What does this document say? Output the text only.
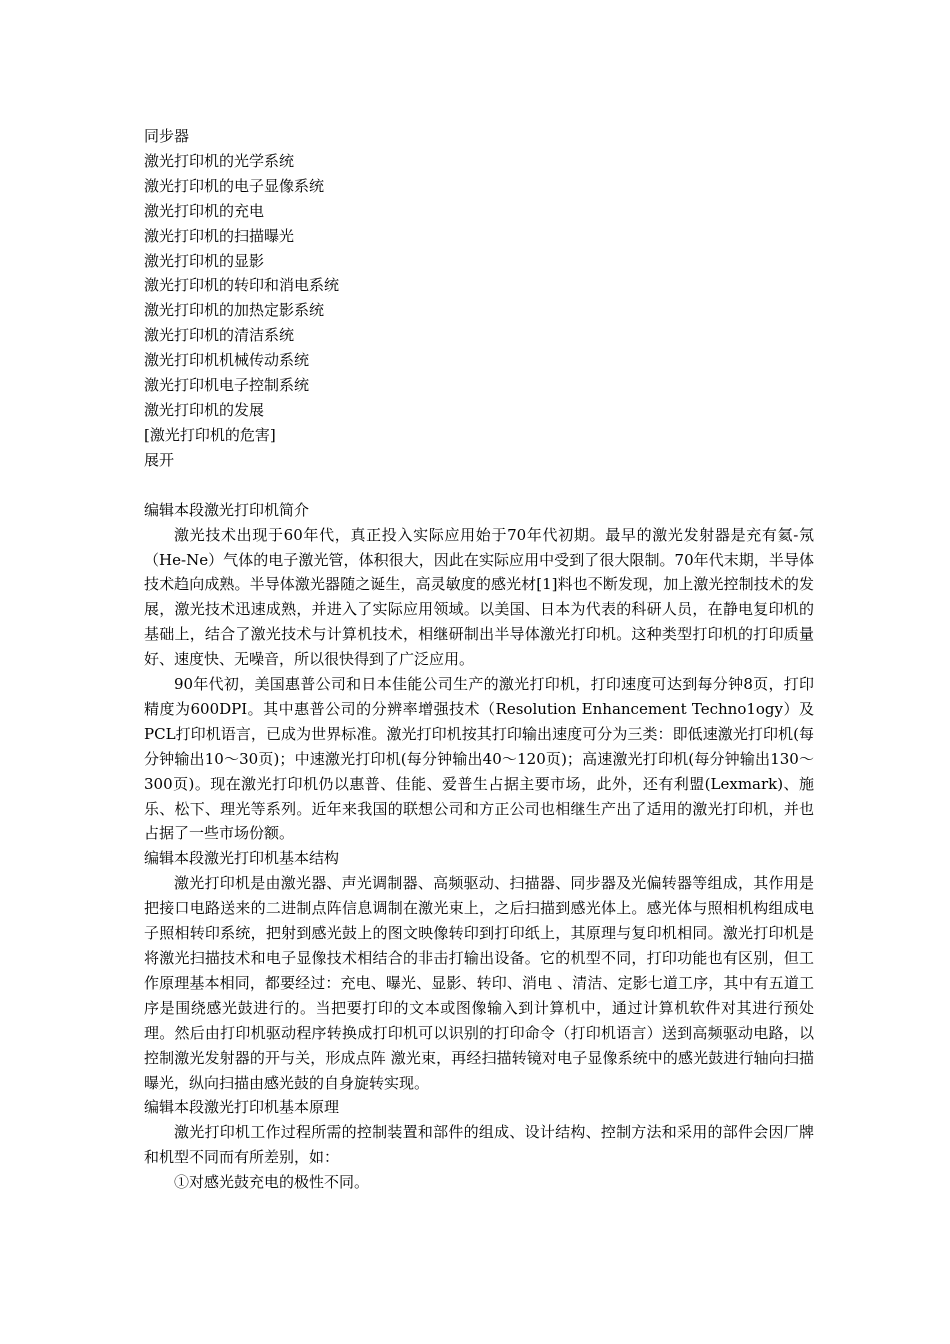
同步器
激光打印机的光学系统
激光打印机的电子显像系统
激光打印机的充电
激光打印机的扫描曝光
激光打印机的显影
激光打印机的转印和消电系统
激光打印机的加热定影系统
激光打印机的清洁系统
激光打印机机械传动系统
激光打印机电子控制系统
激光打印机的发展
[激光打印机的危害]
展开
编辑本段激光打印机简介
激光技术出现于60年代，真正投入实际应用始于70年代初期。最早的激光发射器是充有氦-氖（He-Ne）气体的电子激光管，体积很大，因此在实际应用中受到了很大限制。70年代末期，半导体技术趋向成熟。半导体激光器随之诞生，高灵敏度的感光材[1]料也不断发现，加上激光控制技术的发展，激光技术迅速成熟，并进入了实际应用领域。以美国、日本为代表的科研人员，在静电复印机的基础上，结合了激光技术与计算机技术，相继研制出半导体激光打印机。这种类型打印机的打印质量好、速度快、无噪音，所以很快得到了广泛应用。
90年代初，美国惠普公司和日本佳能公司生产的激光打印机，打印速度可达到每分钟8页，打印精度为600DPI。其中惠普公司的分辨率增强技术（Resolution Enhancement Techno1ogy）及PCL打印机语言，已成为世界标准。激光打印机按其打印输出速度可分为三类：即低速激光打印机(每分钟输出10～30页)；中速激光打印机(每分钟输出40～120页)；高速激光打印机(每分钟输出130～300页)。现在激光打印机仍以惠普、佳能、爱普生占据主要市场，此外，还有利盟(Lexmark)、施乐、松下、理光等系列。近年来我国的联想公司和方正公司也相继生产出了适用的激光打印机，并也占据了一些市场份额。
编辑本段激光打印机基本结构
激光打印机是由激光器、声光调制器、高频驱动、扫描器、同步器及光偏转器等组成，其作用是把接口电路送来的二进制点阵信息调制在激光束上，之后扫描到感光体上。感光体与照相机构组成电子照相转印系统，把射到感光鼓上的图文映像转印到打印纸上，其原理与复印机相同。激光打印机是将激光扫描技术和电子显像技术相结合的非击打输出设备。它的机型不同，打印功能也有区别，但工作原理基本相同，都要经过：充电、曝光、显影、转印、消电 、清洁、定影七道工序，其中有五道工序是围绕感光鼓进行的。当把要打印的文本或图像输入到计算机中，通过计算机软件对其进行预处理。然后由打印机驱动程序转换成打印机可以识别的打印命令（打印机语言）送到高频驱动电路，以控制激光发射器的开与关，形成点阵 激光束，再经扫描转镜对电子显像系统中的感光鼓进行轴向扫描曝光，纵向扫描由感光鼓的自身旋转实现。
编辑本段激光打印机基本原理
激光打印机工作过程所需的控制装置和部件的组成、设计结构、控制方法和采用的部件会因厂牌和机型不同而有所差别，如：
①对感光鼓充电的极性不同。
